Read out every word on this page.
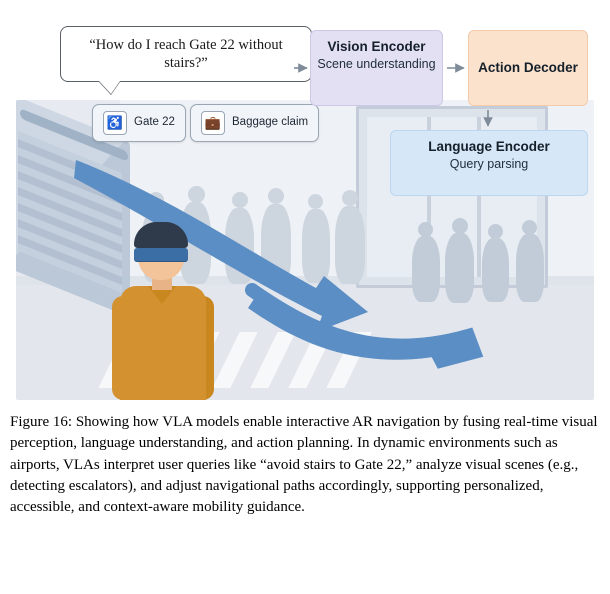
“How do I reach Gate 22 without stairs?”
♿ Gate 22	💼 Baggage claim
Vision Encoder
Scene understanding	Action Decoder
Language Encoder
Query parsing

Figure 16: Showing how VLA models enable interactive AR navigation by fusing real-time visual perception, language understanding, and action planning. In dynamic environments such as airports, VLAs interpret user queries like “avoid stairs to Gate 22,” analyze visual scenes (e.g., detecting escalators), and adjust navigational paths accordingly, supporting personalized, accessible, and context-aware mobility guidance.
